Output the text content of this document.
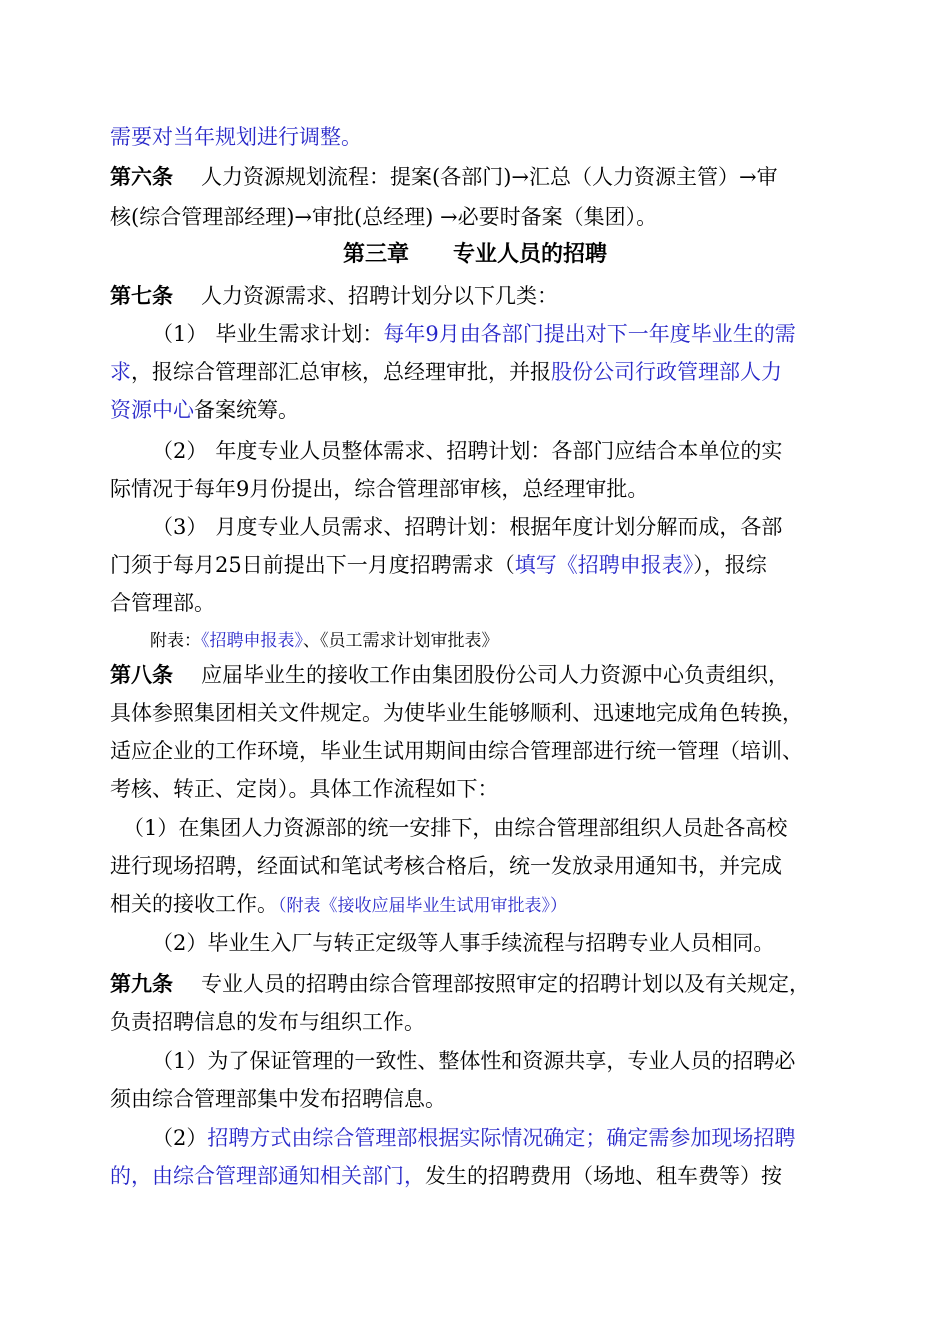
需要对当年规划进行调整。
第六条 人力资源规划流程：提案(各部门)→汇总（人力资源主管）→审
核(综合管理部经理)→审批(总经理) →必要时备案（集团）。
第三章　　专业人员的招聘
第七条 人力资源需求、招聘计划分以下几类：
（1） 毕业生需求计划：每年9月由各部门提出对下一年度毕业生的需
求，报综合管理部汇总审核，总经理审批，并报股份公司行政管理部人力
资源中心备案统筹。
（2） 年度专业人员整体需求、招聘计划：各部门应结合本单位的实
际情况于每年9月份提出，综合管理部审核，总经理审批。
（3） 月度专业人员需求、招聘计划：根据年度计划分解而成，各部
门须于每月25日前提出下一月度招聘需求（填写《招聘申报表》），报综
合管理部。
附表：《招聘申报表》、《员工需求计划审批表》
第八条 应届毕业生的接收工作由集团股份公司人力资源中心负责组织，
具体参照集团相关文件规定。为使毕业生能够顺利、迅速地完成角色转换，
适应企业的工作环境，毕业生试用期间由综合管理部进行统一管理（培训、
考核、转正、定岗）。具体工作流程如下：
（1）在集团人力资源部的统一安排下，由综合管理部组织人员赴各高校
进行现场招聘，经面试和笔试考核合格后，统一发放录用通知书，并完成
相关的接收工作。（附表《接收应届毕业生试用审批表》）
（2）毕业生入厂与转正定级等人事手续流程与招聘专业人员相同。
第九条 专业人员的招聘由综合管理部按照审定的招聘计划以及有关规定，
负责招聘信息的发布与组织工作。
（1）为了保证管理的一致性、整体性和资源共享，专业人员的招聘必
须由综合管理部集中发布招聘信息。
（2）招聘方式由综合管理部根据实际情况确定；确定需参加现场招聘
的，由综合管理部通知相关部门，发生的招聘费用（场地、租车费等）按
